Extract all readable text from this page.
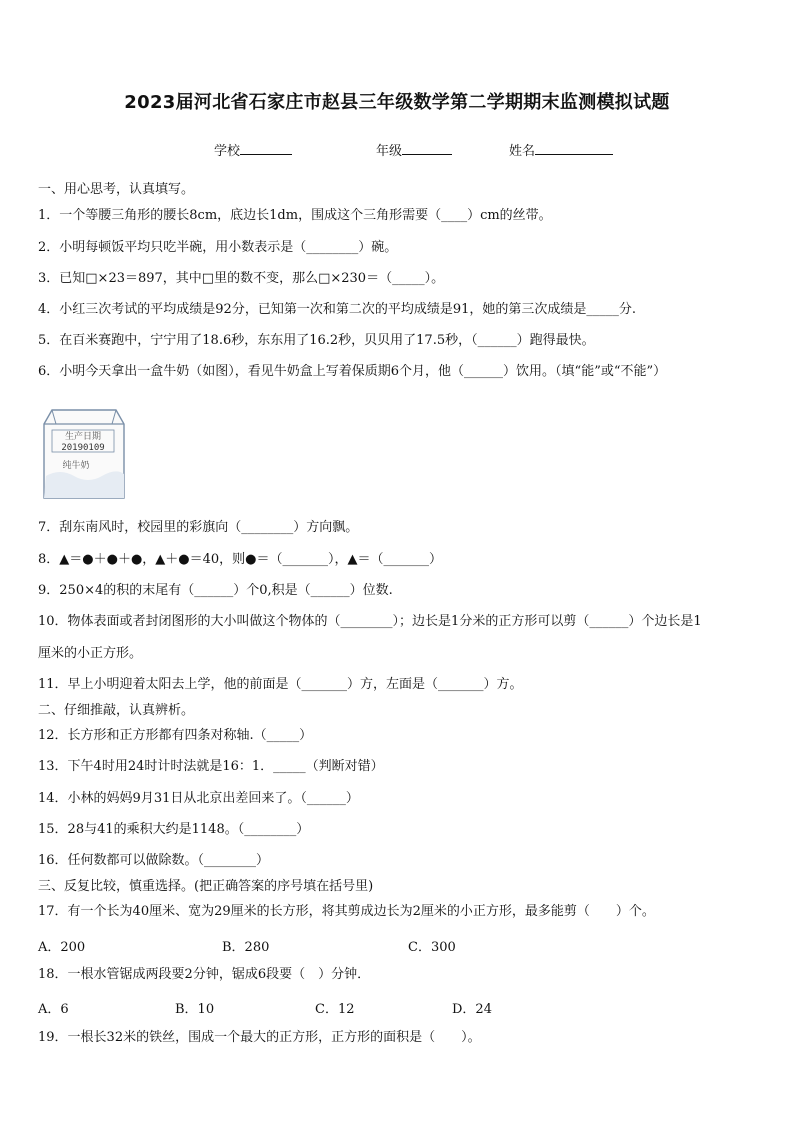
2023届河北省石家庄市赵县三年级数学第二学期期末监测模拟试题
学校	年级	姓名
一、用心思考，认真填写。
1．一个等腰三角形的腰长8cm，底边长1dm，围成这个三角形需要（____）cm的丝带。
2．小明每顿饭平均只吃半碗，用小数表示是（________）碗。
3．已知□×23＝897，其中□里的数不变，那么□×230＝（_____）。
4．小红三次考试的平均成绩是92分，已知第一次和第二次的平均成绩是91，她的第三次成绩是_____分.
5．在百米赛跑中，宁宁用了18.6秒，东东用了16.2秒，贝贝用了17.5秒，（______）跑得最快。
6．小明今天拿出一盒牛奶（如图），看见牛奶盒上写着保质期6个月，他（______）饮用。（填“能”或“不能”）
生产日期
20190109
纯牛奶
7．刮东南风时，校园里的彩旗向（________）方向飘。
8．▲＝●＋●＋●，▲＋●＝40，则●＝（_______），▲＝（_______）
9．250×4的积的末尾有（______）个0,积是（______）位数.
10．物体表面或者封闭图形的大小叫做这个物体的（________）；边长是1分米的正方形可以剪（______）个边长是1
厘米的小正方形。
11．早上小明迎着太阳去上学，他的前面是（_______）方，左面是（_______）方。
二、仔细推敲，认真辨析。
12．长方形和正方形都有四条对称轴.（_____）
13．下午4时用24时计时法就是16：1．_____（判断对错）
14．小林的妈妈9月31日从北京出差回来了。（______）
15．28与41的乘积大约是1148。（________）
16．任何数都可以做除数。（________）
三、反复比较，慎重选择。(把正确答案的序号填在括号里)
17．有一个长为40厘米、宽为29厘米的长方形，将其剪成边长为2厘米的小正方形，最多能剪（　　）个。
A．200	B．280	C．300
18．一根水管锯成两段要2分钟，锯成6段要（　）分钟．
A．6	B．10	C．12	D．24
19．一根长32米的铁丝，围成一个最大的正方形，正方形的面积是（　　）。
